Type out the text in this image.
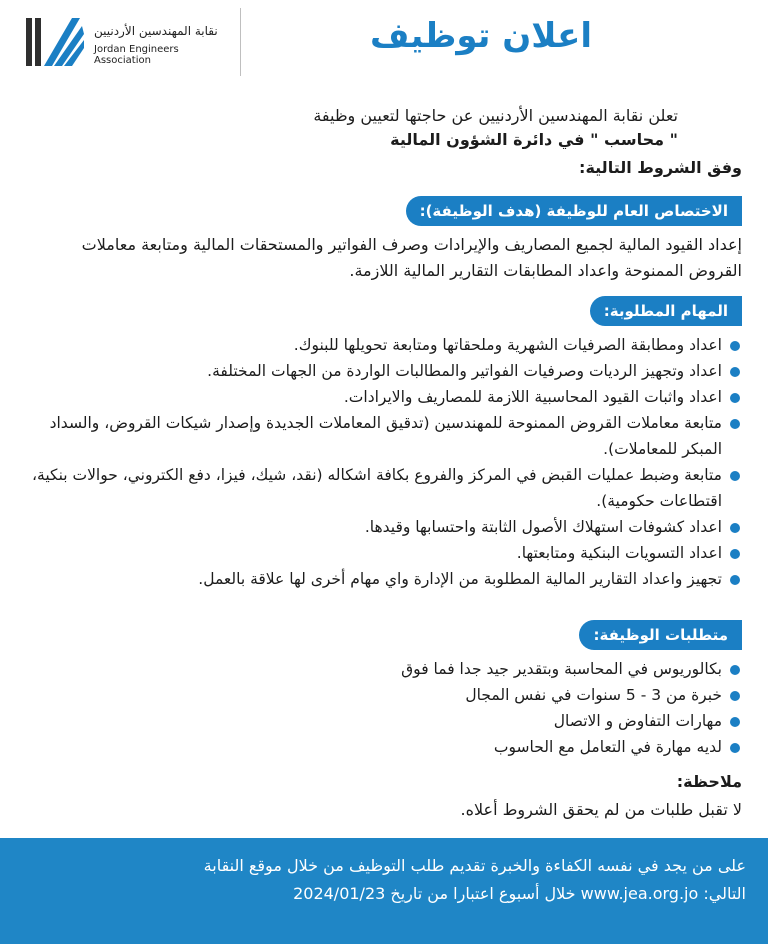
نقابة المهندسين الأردنيين
Jordan Engineers Association
اعلان توظيف
تعلن نقابة المهندسين الأردنيين عن حاجتها لتعيين وظيفة
" محاسب " في دائرة الشؤون المالية
وفق الشروط التالية:
الاختصاص العام للوظيفة (هدف الوظيفة):
إعداد القيود المالية لجميع المصاريف والإيرادات وصرف الفواتير والمستحقات المالية ومتابعة معاملات القروض الممنوحة واعداد المطابقات التقارير المالية اللازمة.
المهام المطلوبة:
اعداد ومطابقة الصرفيات الشهرية وملحقاتها ومتابعة تحويلها للبنوك.
اعداد وتجهيز الرديات وصرفيات الفواتير والمطالبات الواردة من الجهات المختلفة.
اعداد واثبات القيود المحاسبية اللازمة للمصاريف والايرادات.
متابعة معاملات القروض الممنوحة للمهندسين (تدقيق المعاملات الجديدة وإصدار شيكات القروض، والسداد المبكر للمعاملات).
متابعة وضبط عمليات القبض في المركز والفروع بكافة اشكاله (نقد، شيك، فيزا، دفع الكتروني، حوالات بنكية، اقتطاعات حكومية).
اعداد كشوفات استهلاك الأصول الثابتة واحتسابها وقيدها.
اعداد التسويات البنكية ومتابعتها.
تجهيز واعداد التقارير المالية المطلوبة من الإدارة واي مهام أخرى لها علاقة بالعمل.
متطلبات الوظيفة:
بكالوريوس في المحاسبة وبتقدير جيد جدا فما فوق
خبرة من 3 - 5 سنوات في نفس المجال
مهارات التفاوض و الاتصال
لديه مهارة في التعامل مع الحاسوب
ملاحظة:
لا تقبل طلبات من لم يحقق الشروط أعلاه.
على من يجد في نفسه الكفاءة والخبرة تقديم طلب التوظيف من خلال موقع النقابة
التالي: www.jea.org.jo خلال أسبوع اعتبارا من تاريخ 2024/01/23
